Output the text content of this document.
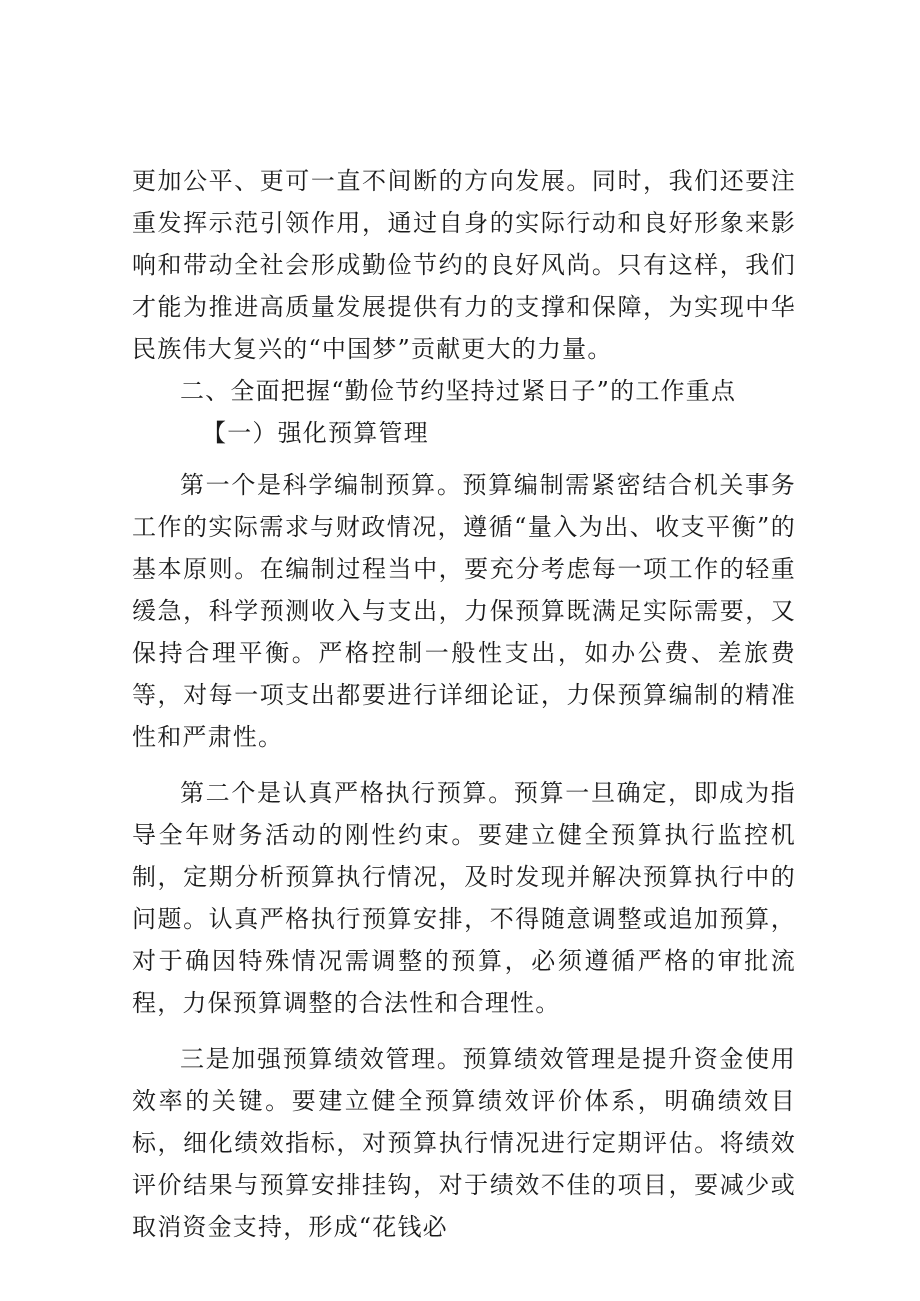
更加公平、更可一直不间断的方向发展。同时，我们还要注重发挥示范引领作用，通过自身的实际行动和良好形象来影响和带动全社会形成勤俭节约的良好风尚。只有这样，我们才能为推进高质量发展提供有力的支撑和保障，为实现中华民族伟大复兴的“中国梦”贡献更大的力量。

二、全面把握“勤俭节约坚持过紧日子”的工作重点

【一）强化预算管理

第一个是科学编制预算。预算编制需紧密结合机关事务工作的实际需求与财政情况，遵循“量入为出、收支平衡”的基本原则。在编制过程当中，要充分考虑每一项工作的轻重缓急，科学预测收入与支出，力保预算既满足实际需要，又保持合理平衡。严格控制一般性支出，如办公费、差旅费等，对每一项支出都要进行详细论证，力保预算编制的精准性和严肃性。

第二个是认真严格执行预算。预算一旦确定，即成为指导全年财务活动的刚性约束。要建立健全预算执行监控机制，定期分析预算执行情况，及时发现并解决预算执行中的问题。认真严格执行预算安排，不得随意调整或追加预算，对于确因特殊情况需调整的预算，必须遵循严格的审批流程，力保预算调整的合法性和合理性。

三是加强预算绩效管理。预算绩效管理是提升资金使用效率的关键。要建立健全预算绩效评价体系，明确绩效目标，细化绩效指标，对预算执行情况进行定期评估。将绩效评价结果与预算安排挂钩，对于绩效不佳的项目，要减少或取消资金支持，形成“花钱必
